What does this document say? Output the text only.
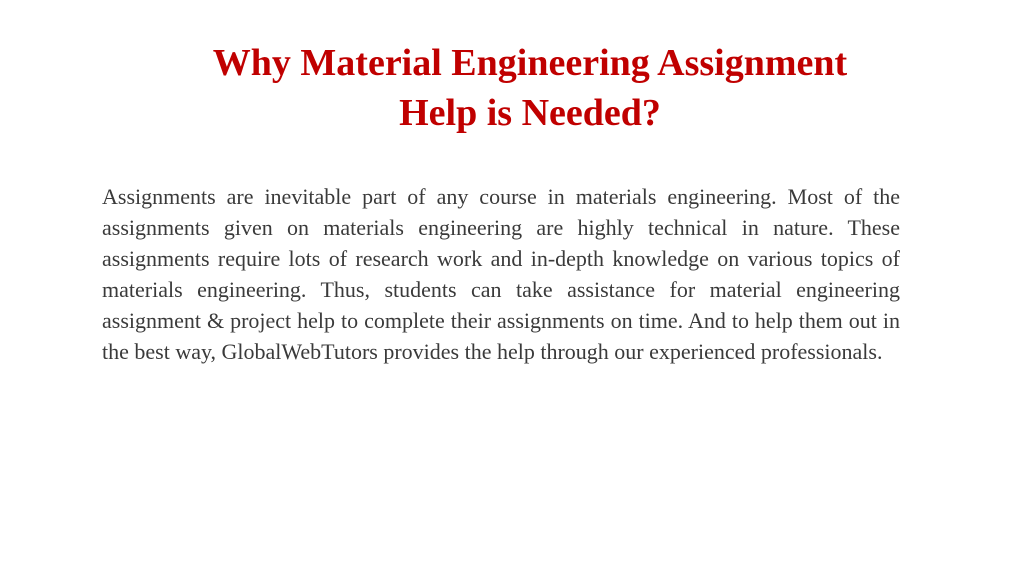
Why Material Engineering Assignment
Help is Needed?

Assignments are inevitable part of any course in materials engineering. Most of the assignments given on materials engineering are highly technical in nature. These assignments require lots of research work and in-depth knowledge on various topics of materials engineering. Thus, students can take assistance for material engineering assignment & project help to complete their assignments on time. And to help them out in the best way, GlobalWebTutors provides the help through our experienced professionals.
